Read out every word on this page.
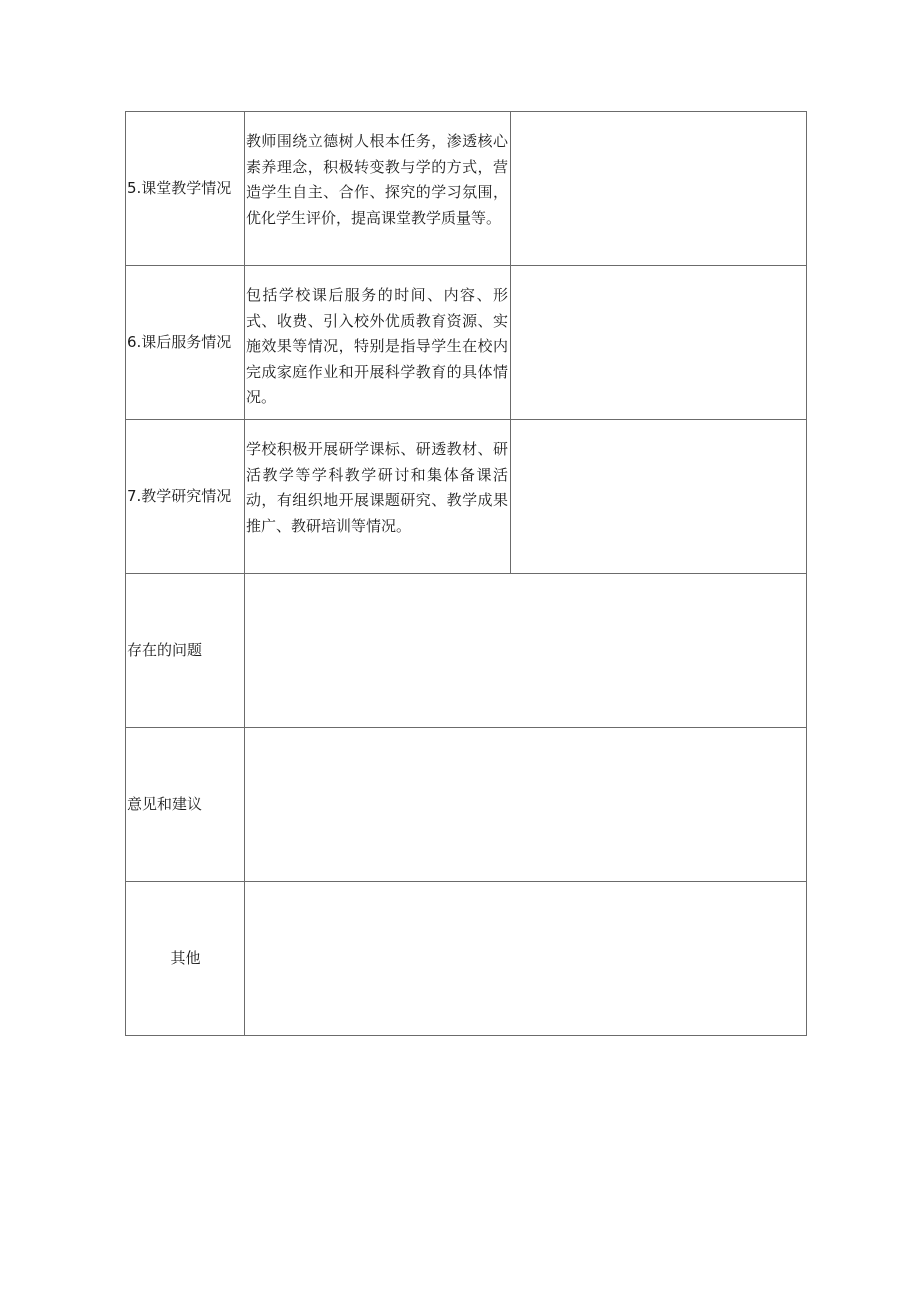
5.课堂教学情况	教师围绕立德树人根本任务，渗透核心素养理念，积极转变教与学的方式，营造学生自主、合作、探究的学习氛围，优化学生评价，提高课堂教学质量等。	
6.课后服务情况	包括学校课后服务的时间、内容、形式、收费、引入校外优质教育资源、实施效果等情况，特别是指导学生在校内完成家庭作业和开展科学教育的具体情况。	
7.教学研究情况	学校积极开展研学课标、研透教材、研活教学等学科教学研讨和集体备课活动，有组织地开展课题研究、教学成果推广、教研培训等情况。	
存在的问题		
意见和建议		
其他		
